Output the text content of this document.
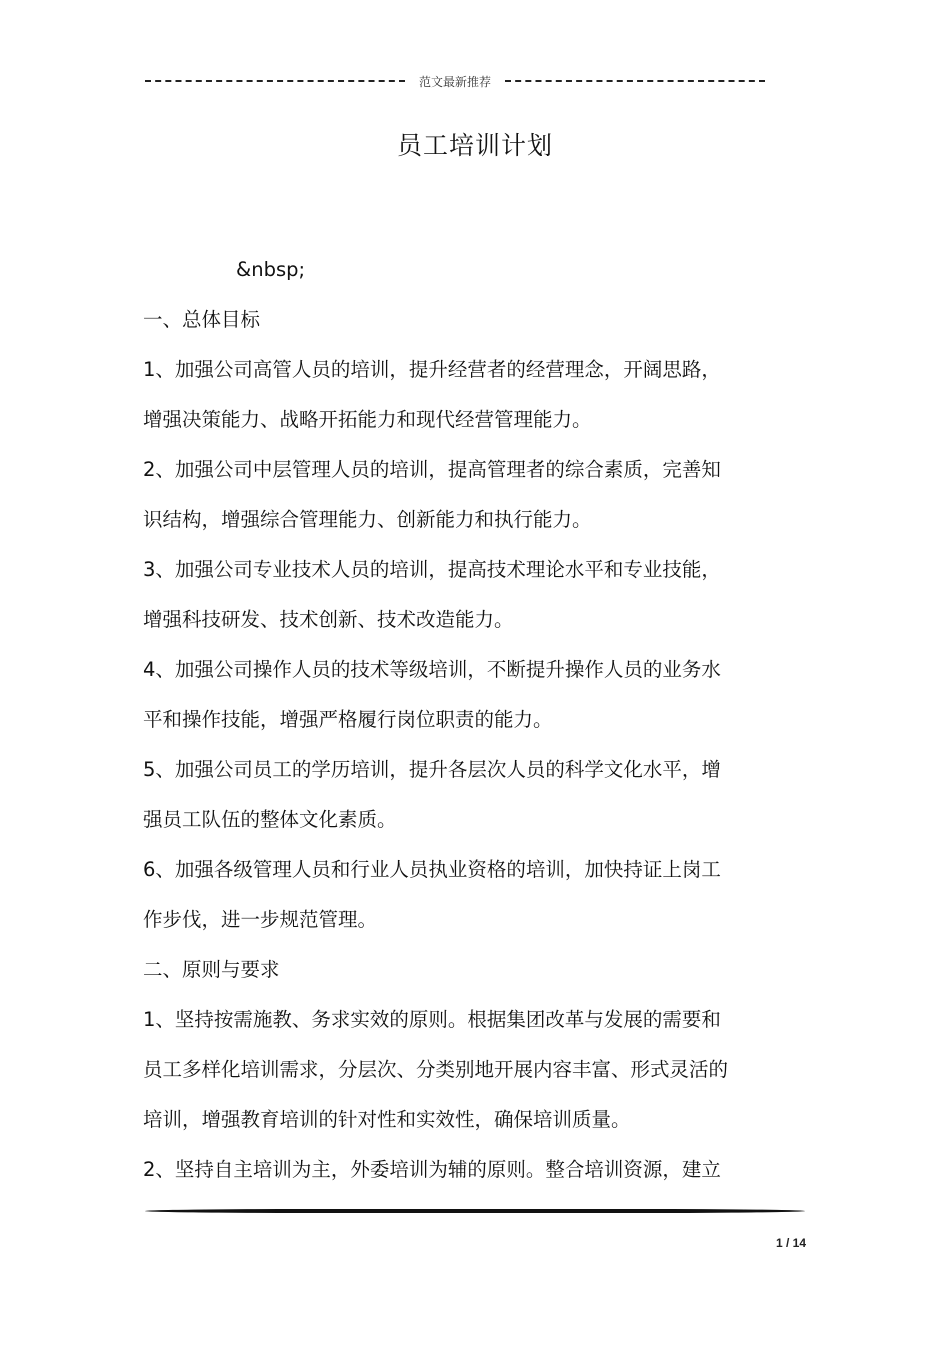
范文最新推荐
员工培训计划

&nbsp;

一、总体目标

1、加强公司高管人员的培训，提升经营者的经营理念，开阔思路，

增强决策能力、战略开拓能力和现代经营管理能力。

2、加强公司中层管理人员的培训，提高管理者的综合素质，完善知

识结构，增强综合管理能力、创新能力和执行能力。

3、加强公司专业技术人员的培训，提高技术理论水平和专业技能，

增强科技研发、技术创新、技术改造能力。

4、加强公司操作人员的技术等级培训，不断提升操作人员的业务水

平和操作技能，增强严格履行岗位职责的能力。

5、加强公司员工的学历培训，提升各层次人员的科学文化水平，增

强员工队伍的整体文化素质。

6、加强各级管理人员和行业人员执业资格的培训，加快持证上岗工

作步伐，进一步规范管理。

二、原则与要求

1、坚持按需施教、务求实效的原则。根据集团改革与发展的需要和

员工多样化培训需求，分层次、分类别地开展内容丰富、形式灵活的

培训，增强教育培训的针对性和实效性，确保培训质量。

2、坚持自主培训为主，外委培训为辅的原则。整合培训资源，建立

1 / 14
